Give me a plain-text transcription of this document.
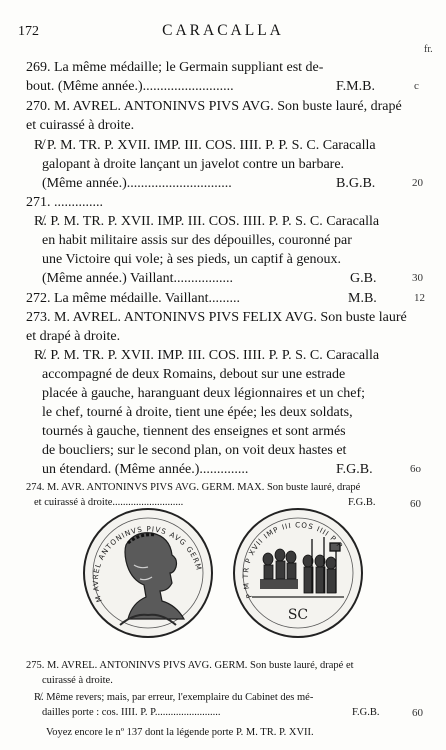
172	CARACALLA
fr.
269. La même médaille; le Germain suppliant est de-
bout. (Même année.)..........................	F.M.B.	c
270. M. AVREL. ANTONINVS PIVS AVG. Son buste lauré, drapé
et cuirassé à droite.
R̸ P. M. TR. P. XVII. IMP. III. COS. IIII. P. P. S. C. Caracalla
galopant à droite lançant un javelot contre un barbare.
(Même année.)..............................	B.G.B.	20
271. ..............
R̸. P. M. TR. P. XVII. IMP. III. COS. IIII. P. P. S. C. Caracalla
en habit militaire assis sur des dépouilles, couronné par
une Victoire qui vole; à ses pieds, un captif à genoux.
(Même année.) Vaillant.................	G.B.	30
272. La même médaille. Vaillant.........	M.B.	12
273. M. AVREL. ANTONINVS PIVS FELIX AVG. Son buste lauré
et drapé à droite.
R̸. P. M. TR. P. XVII. IMP. III. COS. IIII. P. P. S. C. Caracalla
accompagné de deux Romains, debout sur une estrade
placée à gauche, haranguant deux légionnaires et un chef;
le chef, tourné à droite, tient une épée; les deux soldats,
tournés à gauche, tiennent des enseignes et sont armés
de boucliers; sur le second plan, on voit deux hastes et
un étendard. (Même année.)..............	F.G.B.	6o
274. M. AVR. ANTONINVS PIVS AVG. GERM. MAX. Son buste lauré, drapé
et cuirassé à droite...........................	F.G.B.	60
M AVREL ANTONINVS PIVS AVG GERM
SC
P M TR P XVII IMP III COS IIII P P
275. M. AVREL. ANTONINVS PIVS AVG. GERM. Son buste lauré, drapé et
cuirassé à droite.
R̸. Même revers; mais, par erreur, l'exemplaire du Cabinet des mé-
dailles porte : cos. IIII. P. P.........................	F.G.B.	60
Voyez encore le nº 137 dont la légende porte P. M. TR. P. XVII.
